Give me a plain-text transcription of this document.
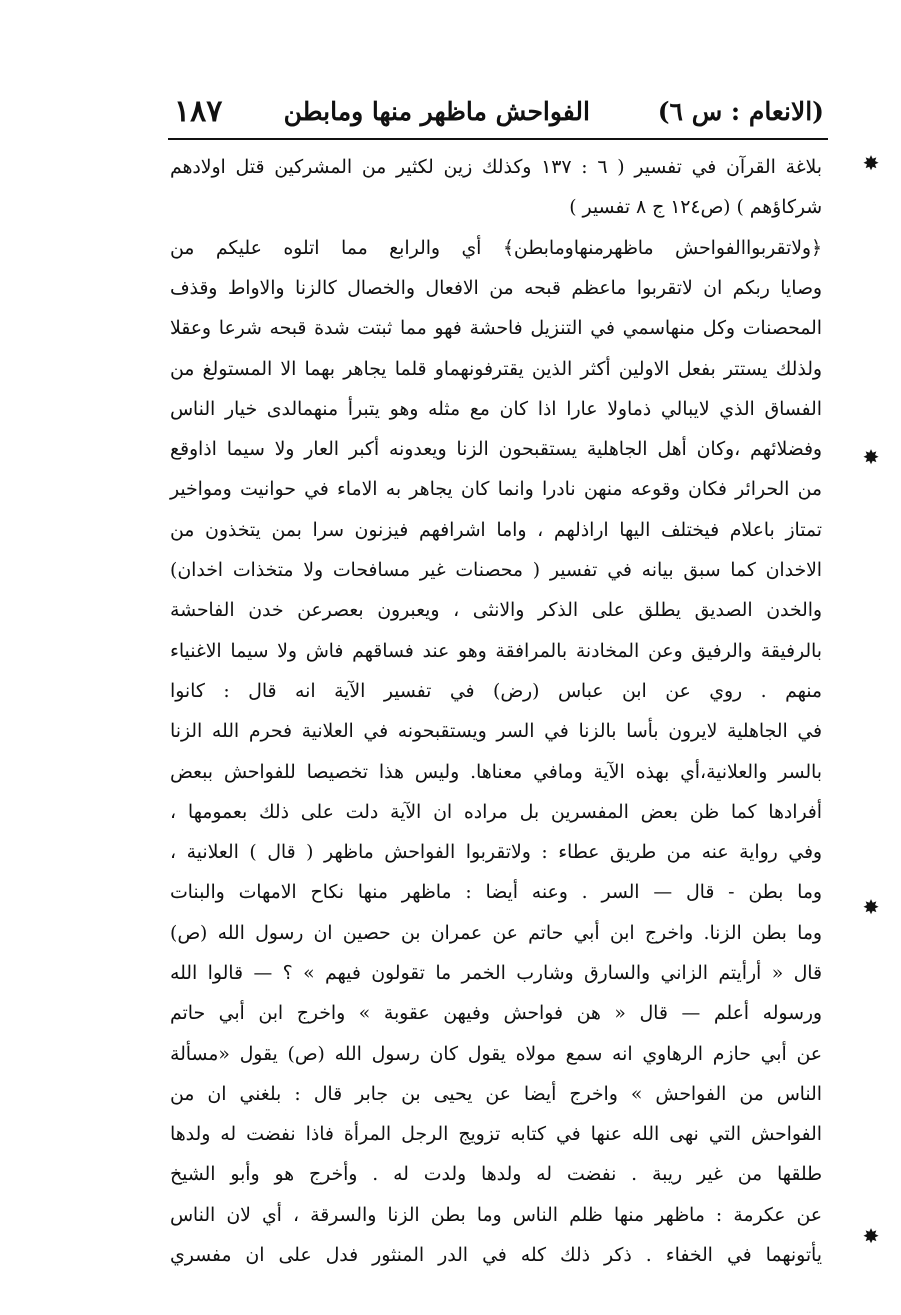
(الانعام : س ٦)
الفواحش ماظهر منها ومابطن
١٨٧
بلاغة القرآن في تفسير ( ٦ : ١٣٧ وكذلك زين لكثير من المشركين قتل اولادهم
شركاؤهم ) (ص١٢٤ ج ٨ تفسير )
﴿ولاتقربواالفواحش ماظهرمنهاومابطن﴾ أي والرابع مما اتلوه عليكم من
وصايا ربكم ان لاتقربوا ماعظم قبحه من الافعال والخصال كالزنا والاواط وقذف
المحصنات وكل منهاسمي في التنزيل فاحشة فهو مما ثبتت شدة قبحه شرعا وعقلا
ولذلك يستتر بفعل الاولين أكثر الذين يقترفونهماو قلما يجاهر بهما الا المستولغ من
الفساق الذي لايبالي ذماولا عارا اذا كان مع مثله وهو يتبرأ منهمالدى خيار الناس
وفضلائهم ،وكان أهل الجاهلية يستقبحون الزنا ويعدونه أكبر العار ولا سيما اذاوقع
من الحرائر فكان وقوعه منهن نادرا وانما كان يجاهر به الاماء في حوانيت ومواخير
تمتاز باعلام فيختلف اليها اراذلهم ، واما اشرافهم فيزنون سرا بمن يتخذون من
الاخدان كما سبق بيانه في تفسير ( محصنات غير مسافحات ولا متخذات اخدان)
والخدن الصديق يطلق على الذكر والانثى ، ويعبرون بعصرعن خدن الفاحشة
بالرفيقة والرفيق وعن المخادنة بالمرافقة وهو عند فساقهم فاش ولا سيما الاغنياء
منهم . روي عن ابن عباس (رض) في تفسير الآية انه قال : كانوا
في الجاهلية لايرون بأسا بالزنا في السر ويستقبحونه في العلانية فحرم الله الزنا
بالسر والعلانية،أي بهذه الآية ومافي معناها. وليس هذا تخصيصا للفواحش ببعض
أفرادها كما ظن بعض المفسرين بل مراده ان الآية دلت على ذلك بعمومها ،
وفي رواية عنه من طريق عطاء : ولاتقربوا الفواحش ماظهر ( قال ) العلانية ،
وما بطن - قال — السر . وعنه أيضا : ماظهر منها نكاح الامهات والبنات
وما بطن الزنا. واخرج ابن أبي حاتم عن عمران بن حصين ان رسول الله (ص)
قال « أرأيتم الزاني والسارق وشارب الخمر ما تقولون فيهم » ؟ — قالوا الله
ورسوله أعلم — قال « هن فواحش وفيهن عقوبة » واخرج ابن أبي حاتم
عن أبي حازم الرهاوي انه سمع مولاه يقول كان رسول الله (ص) يقول «مسألة
الناس من الفواحش » واخرج أيضا عن يحيى بن جابر قال : بلغني ان من
الفواحش التي نهى الله عنها في كتابه تزويج الرجل المرأة فاذا نفضت له ولدها
طلقها من غير ريبة . نفضت له ولدها ولدت له . وأخرج هو وأبو الشيخ
عن عكرمة : ماظهر منها ظلم الناس وما بطن الزنا والسرقة ، أي لان الناس
يأتونهما في الخفاء . ذكر ذلك كله في الدر المنثور فدل على ان مفسري
✸
✸
✸
✸
